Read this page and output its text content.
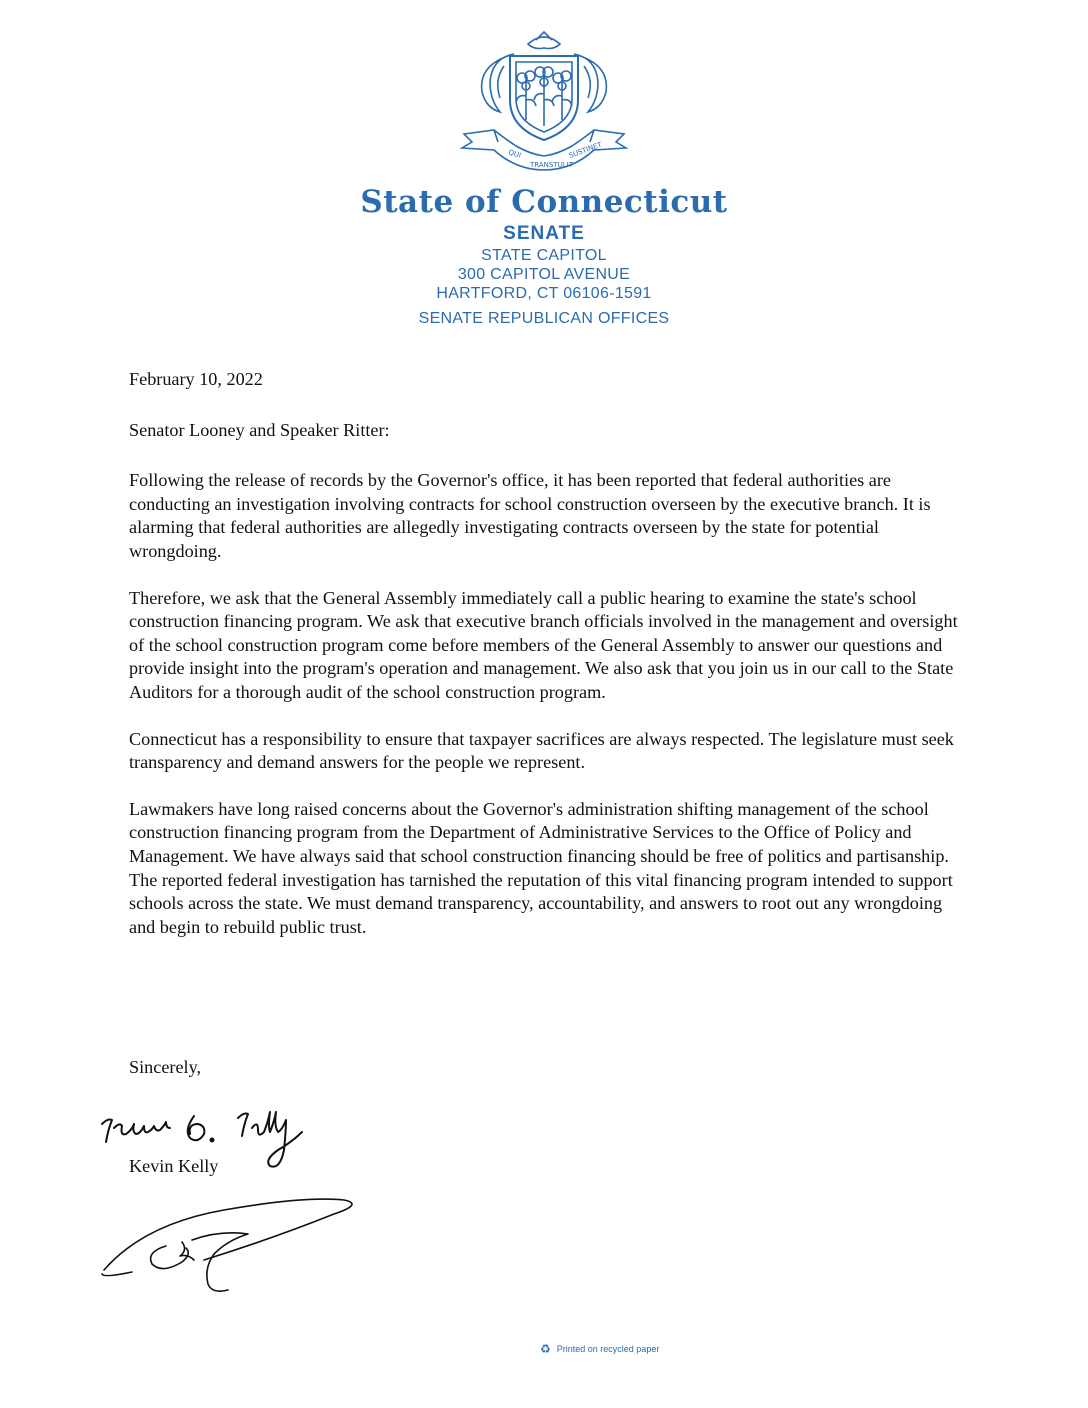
QUI
TRANSTULIT
SUSTINET
State of Connecticut
SENATE
STATE CAPITOL
300 CAPITOL AVENUE
HARTFORD, CT 06106-1591
SENATE REPUBLICAN OFFICES

February 10, 2022

Senator Looney and Speaker Ritter:

Following the release of records by the Governor's office, it has been reported that federal authorities are conducting an investigation involving contracts for school construction overseen by the executive branch. It is alarming that federal authorities are allegedly investigating contracts overseen by the state for potential wrongdoing.

Therefore, we ask that the General Assembly immediately call a public hearing to examine the state's school construction financing program. We ask that executive branch officials involved in the management and oversight of the school construction program come before members of the General Assembly to answer our questions and provide insight into the program's operation and management. We also ask that you join us in our call to the State Auditors for a thorough audit of the school construction program.

Connecticut has a responsibility to ensure that taxpayer sacrifices are always respected. The legislature must seek transparency and demand answers for the people we represent.

Lawmakers have long raised concerns about the Governor's administration shifting management of the school construction financing program from the Department of Administrative Services to the Office of Policy and Management. We have always said that school construction financing should be free of politics and partisanship. The reported federal investigation has tarnished the reputation of this vital financing program intended to support schools across the state. We must demand transparency, accountability, and answers to root out any wrongdoing and begin to rebuild public trust.

Sincerely,
Kevin Kelly
♻ Printed on recycled paper
